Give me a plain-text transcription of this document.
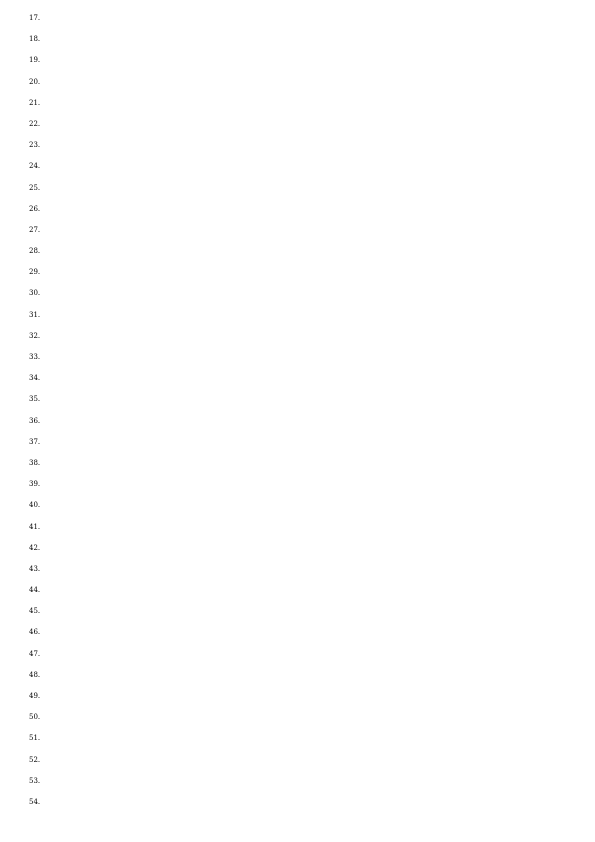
17 .
18 .
19 .
20 .
21 .
22 .
23 .
24 .
25 .
26 .
27 .
28 .
29 .
30 .
31 .
32 .
33 .
34 .
35 .
36 .
37 .
38 .
39 .
40 .
41 .
42 .
43 .
44 .
45 .
46 .
47 .
48 .
49 .
50 .
51 .
52 .
53 .
54 .
